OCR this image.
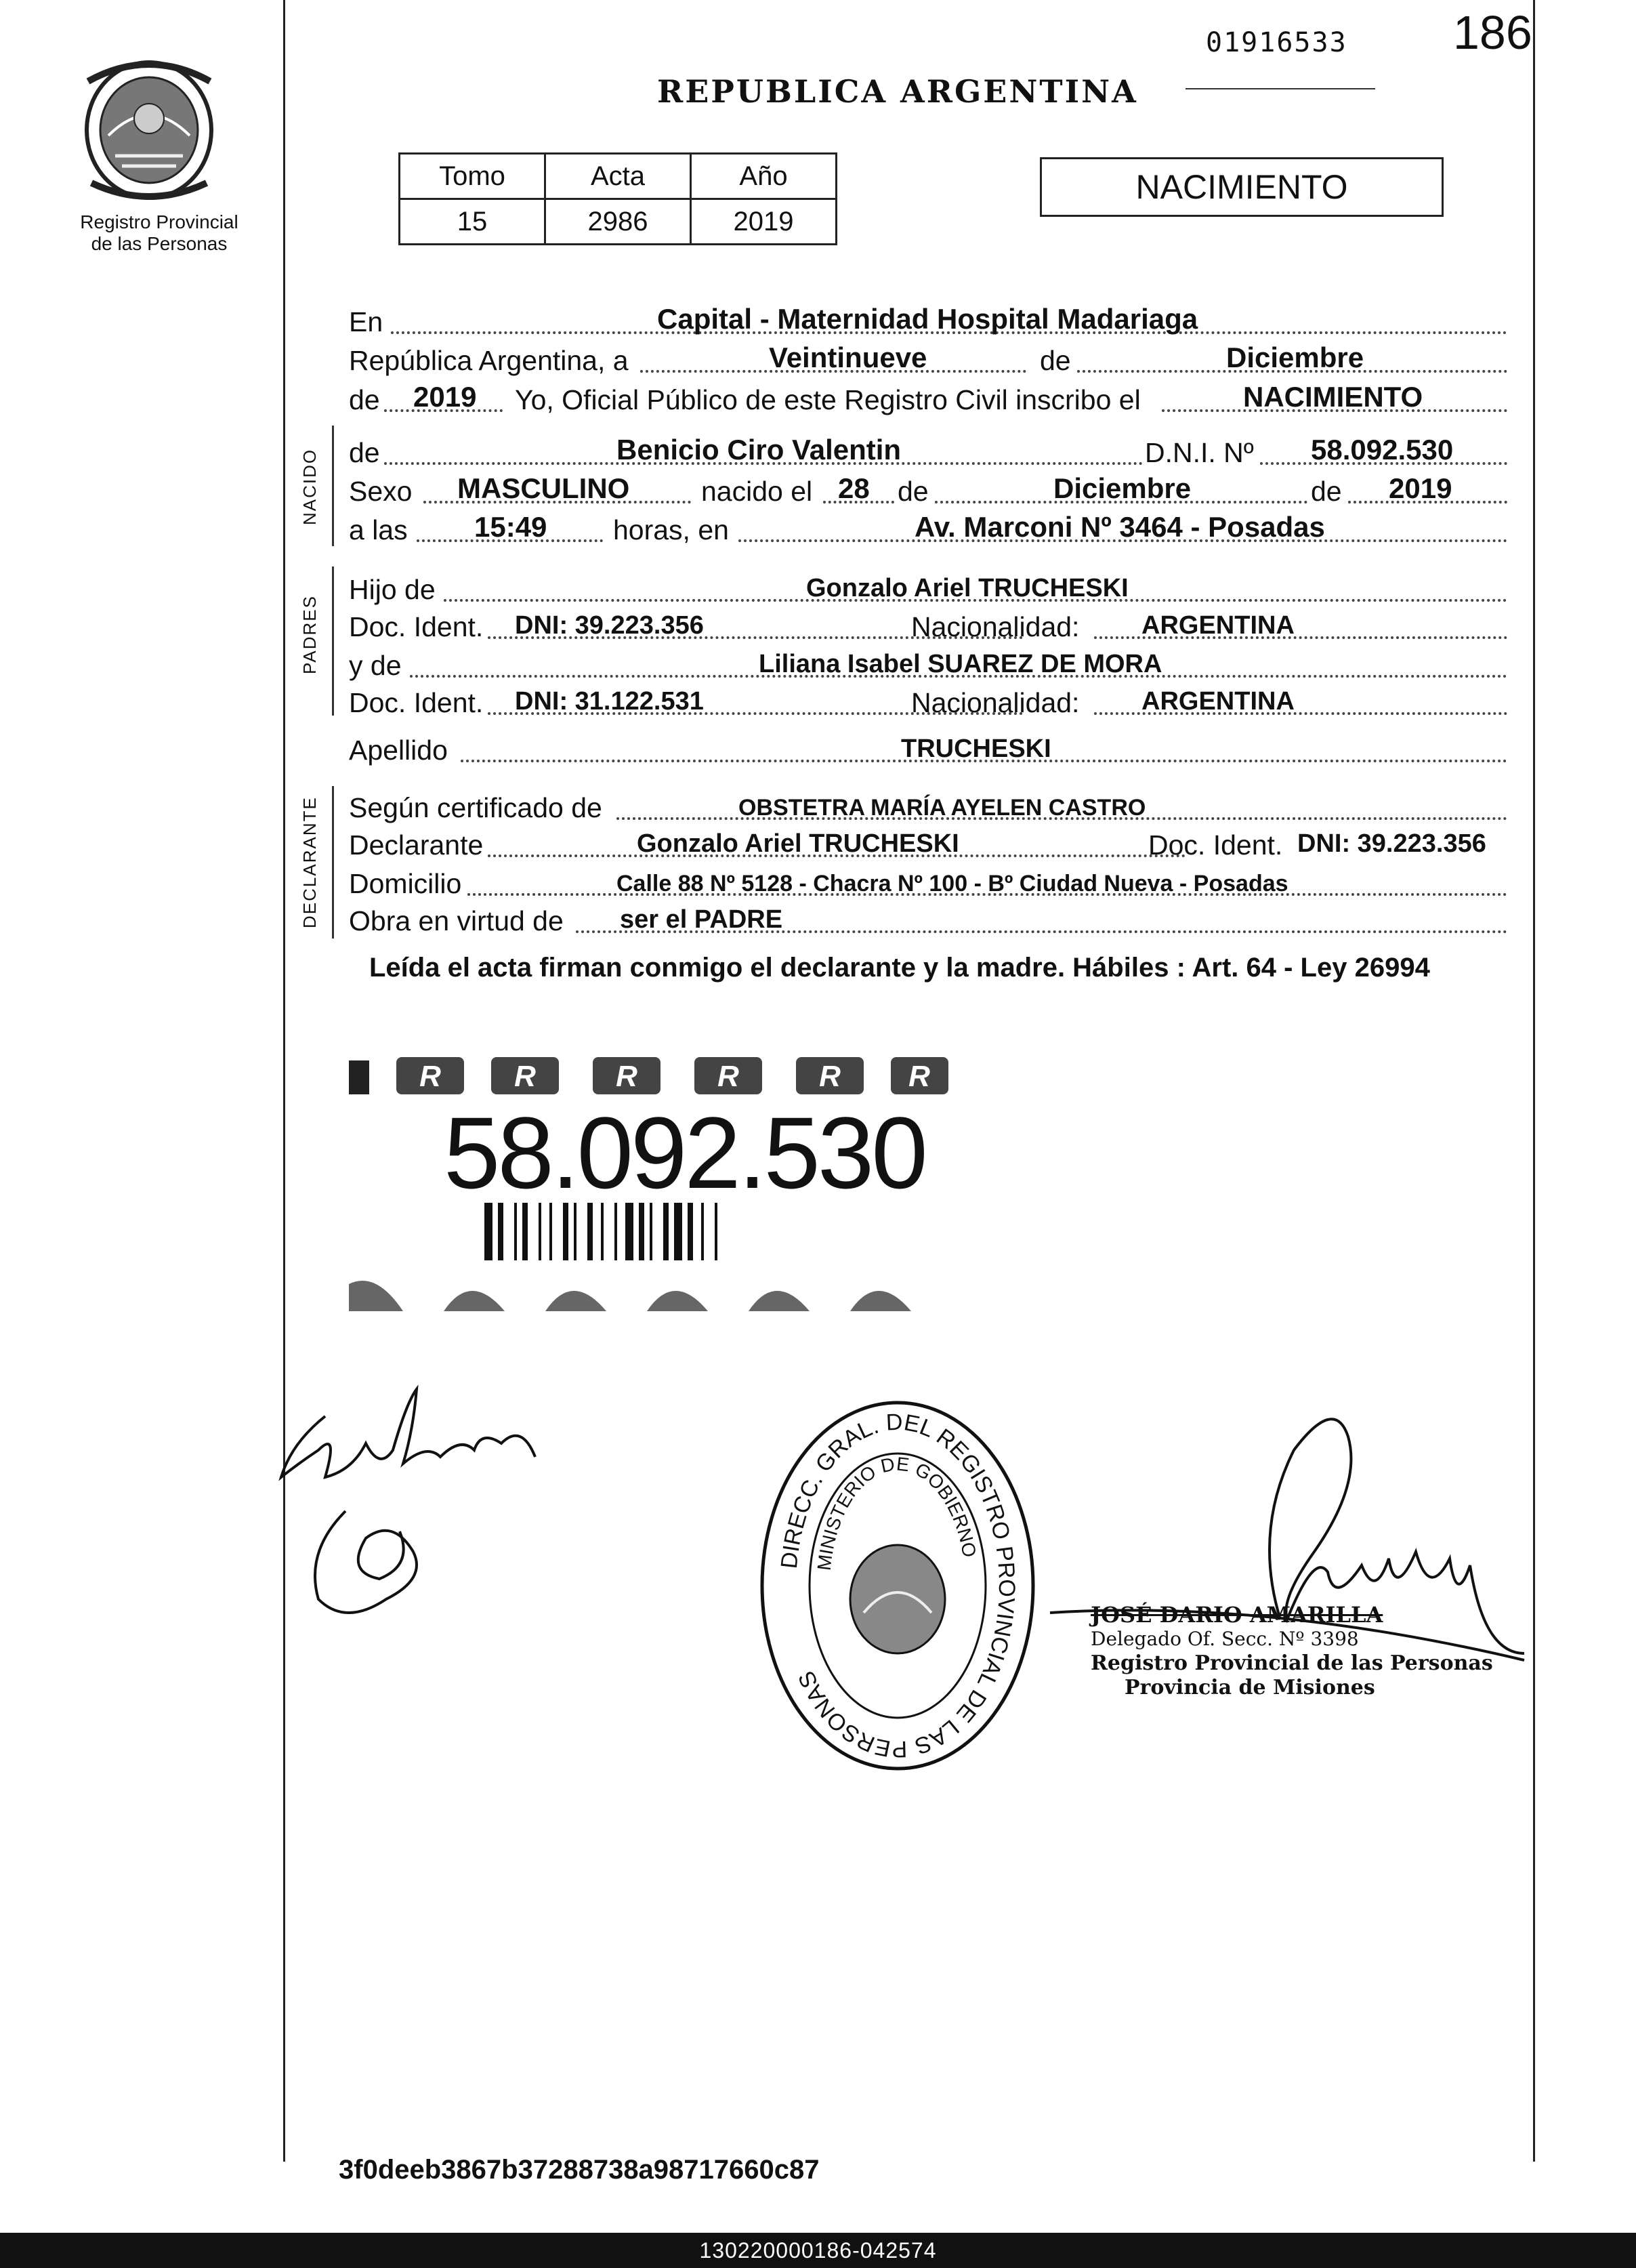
01916533 186
Registro Provincial
de las Personas
REPUBLICA ARGENTINA
Tomo	Acta	Año
15	2986	2019
NACIMIENTO
NACIDO
PADRES
DECLARANTE
En	Capital - Maternidad Hospital Madariaga
República Argentina, a	Veintinueve	de	Diciembre
de 2019 Yo, Oficial Público de este Registro Civil inscribo el	NACIMIENTO
de	Benicio Ciro Valentin	D.N.I. Nº 58.092.530
Sexo MASCULINO	nacido el 28 de	Diciembre	de 2019
a las 15:49 horas, en	Av. Marconi Nº 3464 - Posadas
Hijo de	Gonzalo Ariel TRUCHESKI
Doc. Ident. DNI: 39.223.356	Nacionalidad: ARGENTINA
y de	Liliana Isabel SUAREZ DE MORA
Doc. Ident. DNI: 31.122.531	Nacionalidad: ARGENTINA
Apellido	TRUCHESKI
Según certificado de	OBSTETRA MARÍA AYELEN CASTRO
Declarante	Gonzalo Ariel TRUCHESKI	Doc. Ident. DNI: 39.223.356
Domicilio	Calle 88 Nº 5128 - Chacra Nº 100 - Bº Ciudad Nueva - Posadas
Obra en virtud de ser el PADRE
Leída el acta firman conmigo el declarante y la madre. Hábiles : Art. 64 - Ley 26994
R R	R	R	R R
58.092.530
DIRECC. GRAL. DEL REGISTRO PROVINCIAL DE LAS PERSONAS
MINISTERIO DE GOBIERNO
JOSÉ DARIO AMARILLA
Delegado Of. Secc. Nº 3398
Registro Provincial de las Personas
Provincia de Misiones
3f0deeb3867b37288738a98717660c87
130220000186-042574
